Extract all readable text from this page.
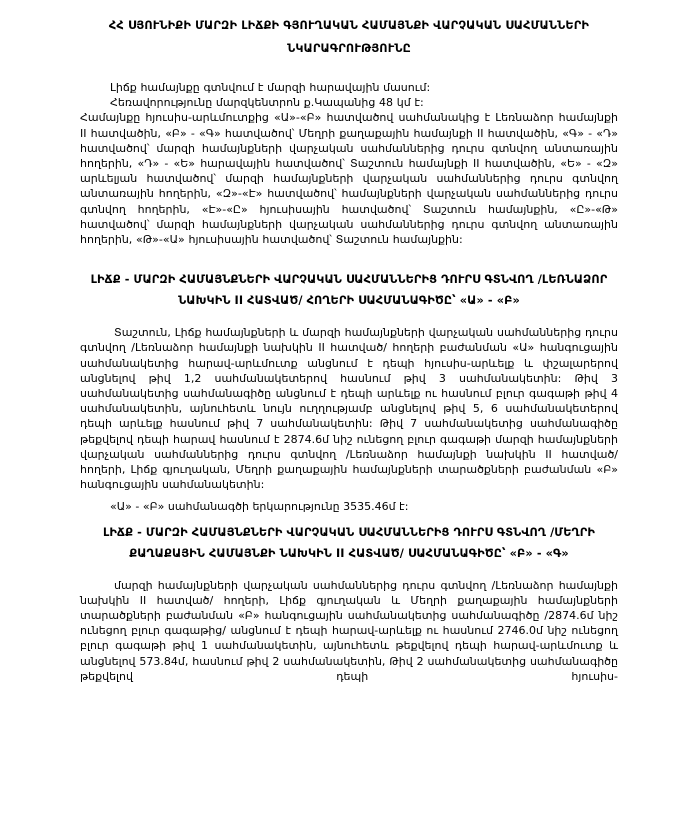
ՀՀ ՍՅՈՒՆԻՔԻ ՄԱՐԶԻ ԼԻՃՔԻ ԳՅՈՒՂԱԿԱՆ ՀԱՄԱՅՆՔԻ ՎԱՐՉԱԿԱՆ ՍԱՀՄԱՆՆԵՐԻ
ՆԿԱՐԱԳՐՈՒԹՅՈՒՆԸ

Լիճք համայնքը գտնվում է մարզի հարավային մասում:

Հեռավորությունը մարզկենտրոն ք.Կապանից 48 կմ է:

Համայնքը հյուսիս-արևմուտքից «Ա»-«Բ» հատվածով սահմանակից է Լեռնաձոր համայնքի II հատվածին, «Բ» - «Գ» հատվածով՝ Մեղրի քաղաքային համայնքի II հատվածին, «Գ» - «Դ» հատվածով՝ մարզի համայնքների վարչական սահմաններից դուրս գտնվող անտառային հողերին, «Դ» - «Ե» հարավային հատվածով՝ Տաշտուն համայնքի II հատվածին, «Ե» - «Զ» արևելյան հատվածով՝ մարզի համայնքների վարչական սահմաններից դուրս գտնվող անտառային հողերին, «Զ»-«Է» հատվածով՝ համայնքների վարչական սահմաններից դուրս գտնվող հողերին, «Է»-«Ը» հյուսիսային հատվածով՝ Տաշտուն համայնքին, «Ը»-«Թ» հատվածով՝ մարզի համայնքների վարչական սահմաններից դուրս գտնվող անտառային հողերին, «Թ»-«Ա» հյուսիսային հատվածով՝ Տաշտուն համայնքին:

ԼԻՃՔ - ՄԱՐԶԻ ՀԱՄԱՅՆՔՆԵՐԻ ՎԱՐՉԱԿԱՆ ՍԱՀՄԱՆՆԵՐԻՑ ԴՈՒՐՍ ԳՏՆՎՈՂ /ԼԵՌՆԱՁՈՐ
ՆԱԽԿԻՆ II ՀԱՏՎԱԾ/ ՀՈՂԵՐԻ ՍԱՀՄԱՆԱԳԻԾԸ՝ «Ա» - «Բ»

Տաշտուն, Լիճք համայնքների և մարզի համայնքների վարչական սահմաններից դուրս գտնվող /Լեռնաձոր համայնքի նախկին II հատված/ հողերի բաժանման «Ա» հանգուցային սահմանակետից հարավ-արևմուտք անցնում է դեպի հյուսիս-արևելք և փշալարերով անցնելով թիվ 1,2 սահմանակետերով հասնում թիվ 3 սահմանակետին: Թիվ 3 սահմանակետից սահմանագիծը անցնում է դեպի արևելք ու հասնում բլուր գագաթի թիվ 4 սահմանակետին, այնուհետև նույն ուղղությամբ անցնելով թիվ 5, 6 սահմանակետերով դեպի արևելք հասնում թիվ 7 սահմանակետին: Թիվ 7 սահմանակետից սահմանագիծը թեքվելով դեպի հարավ հասնում է 2874.6մ նիշ ունեցող բլուր գագաթի մարզի համայնքների վարչական սահմաններից դուրս գտնվող /Լեռնաձոր համայնքի նախկին II հատված/ հողերի, Լիճք գյուղական, Մեղրի քաղաքային համայնքների տարածքների բաժանման «Բ» հանգուցային սահմանակետին:

«Ա» - «Բ» սահմանագծի երկարությունը 3535.46մ է:

ԼԻՃՔ - ՄԱՐԶԻ ՀԱՄԱՅՆՔՆԵՐԻ ՎԱՐՉԱԿԱՆ ՍԱՀՄԱՆՆԵՐԻՑ ԴՈՒՐՍ ԳՏՆՎՈՂ /ՄԵՂՐԻ
ՔԱՂԱՔԱՅԻՆ ՀԱՄԱՅՆՔԻ ՆԱԽԿԻՆ II ՀԱՏՎԱԾ/ ՍԱՀՄԱՆԱԳԻԾԸ՝ «Բ» - «Գ»

մարզի համայնքների վարչական սահմաններից դուրս գտնվող /Լեռնաձոր համայնքի նախկին II հատված/ հողերի, Լիճք գյուղական և Մեղրի քաղաքային համայնքների տարածքների բաժանման «Բ» հանգուցային սահմանակետից սահմանագիծը /2874.6մ նիշ ունեցող բլուր գագաթից/ անցնում է դեպի հարավ-արևելք ու հասնում 2746.0մ նիշ ունեցող բլուր գագաթի թիվ 1 սահմանակետին, այնուհետև թեքվելով դեպի հարավ-արևմուտք և անցնելով 573.84մ, հասնում թիվ 2 սահմանակետին, Թիվ 2 սահմանակետից սահմանագիծը թեքվելով դեպի հյուսիս-
